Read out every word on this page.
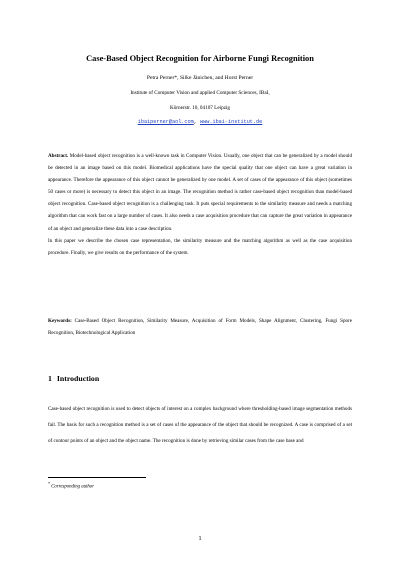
Case-Based Object Recognition for Airborne Fungi Recognition
Petra Perner*, Silke Jänichen, and Horst Perner
Institute of Computer Vision and applied Computer Sciences, IBaI,
Körnerstr. 10, 04107 Leipzig
ibaiperner@aol.com, www.ibai-institut.de

Abstract. Model-based object recognition is a well-known task in Computer Vision. Usually, one object that can be generalized by a model should be detected in an image based on this model. Biomedical applications have the special quality that one object can have a great variation in appearance. Therefore the appearance of this object cannot be generalized by one model. A set of cases of the appearance of this object (sometimes 50 cases or more) is necessary to detect this object in an image. The recognition method is rather case-based object recognition than model-based object recognition. Case-based object recognition is a challenging task. It puts special requirements to the similarity measure and needs a matching algorithm that can work fast on a large number of cases. It also needs a case acquisition procedure that can capture the great variation in appearance of an object and generalize these data into a case description.

In this paper we describe the chosen case representation, the similarity measure and the matching algorithm as well as the case acquisition procedure. Finally, we give results on the performance of the system.

Keywords: Case-Based Object Recognition, Similarity Measure, Acquisition of Form Models, Shape Alignment, Clustering, Fungi Spore Recognition, Biotechnological Application
1 Introduction

Case-based object recognition is used to detect objects of interest on a complex background where thresholding-based image segmentation methods fail. The basis for such a recognition method is a set of cases of the appearance of the object that should be recognized. A case is comprised of a set of contour points of an object and the object name. The recognition is done by retrieving similar cases from the case base and

* Corresponding author
1
